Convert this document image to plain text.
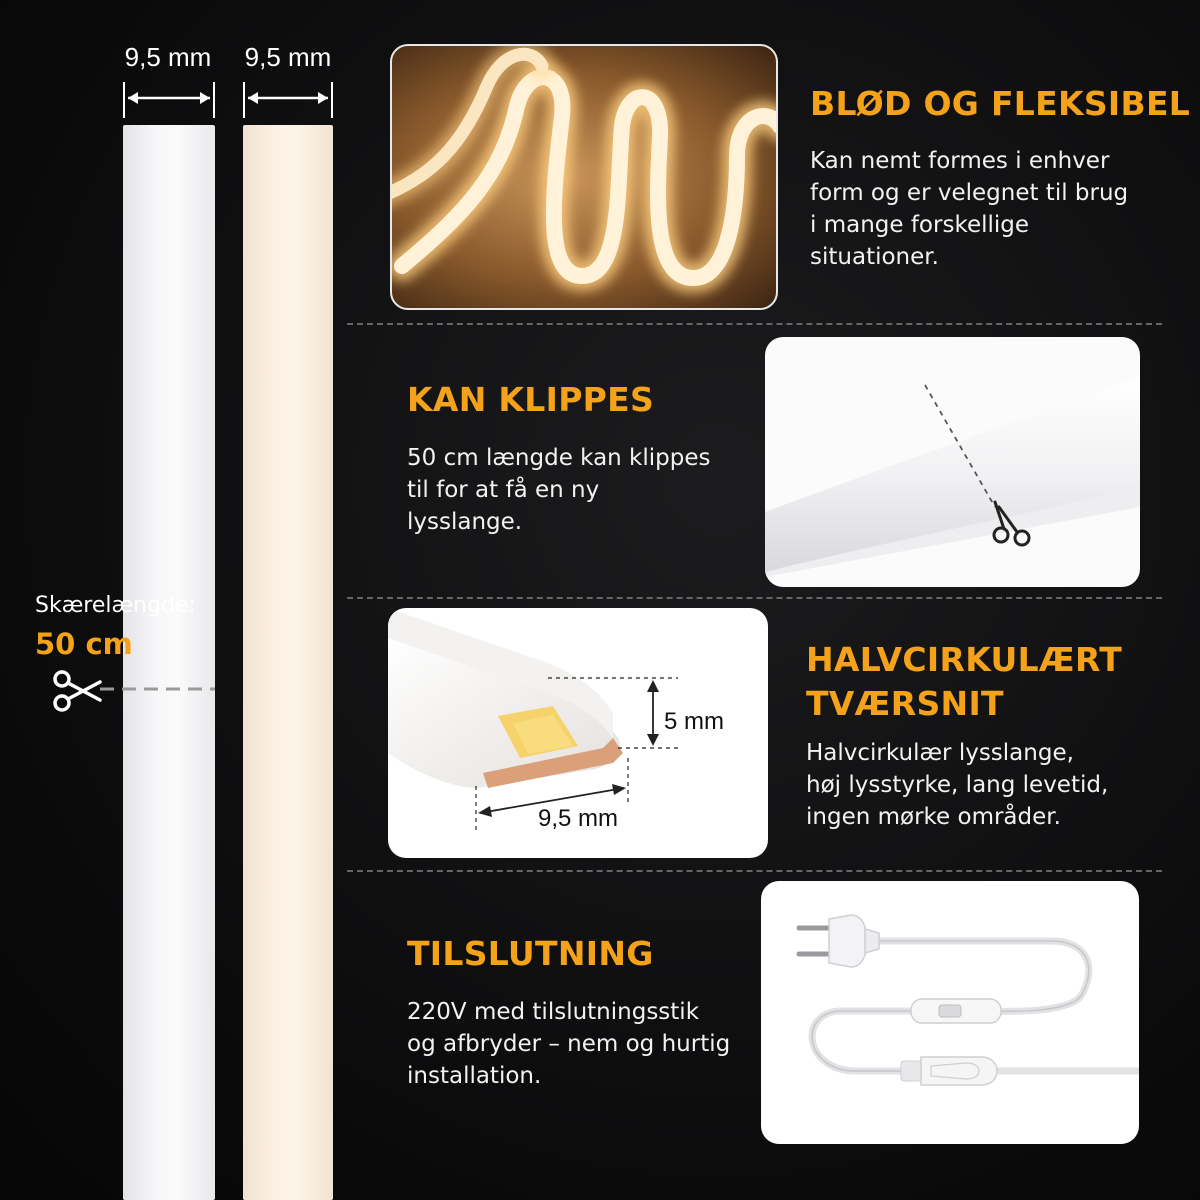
9,5 mm	9,5 mm
Skærelængde:
50 cm
BLØD OG FLEKSIBEL
Kan nemt formes i enhver
form og er velegnet til brug
i mange forskellige
situationer.
KAN KLIPPES
50 cm længde kan klippes
til for at få en ny
lysslange.
5 mm
9,5 mm
HALVCIRKULÆRT
TVÆRSNIT
Halvcirkulær lysslange,
høj lysstyrke, lang levetid,
ingen mørke områder.
TILSLUTNING
220V med tilslutningsstik
og afbryder – nem og hurtig
installation.
